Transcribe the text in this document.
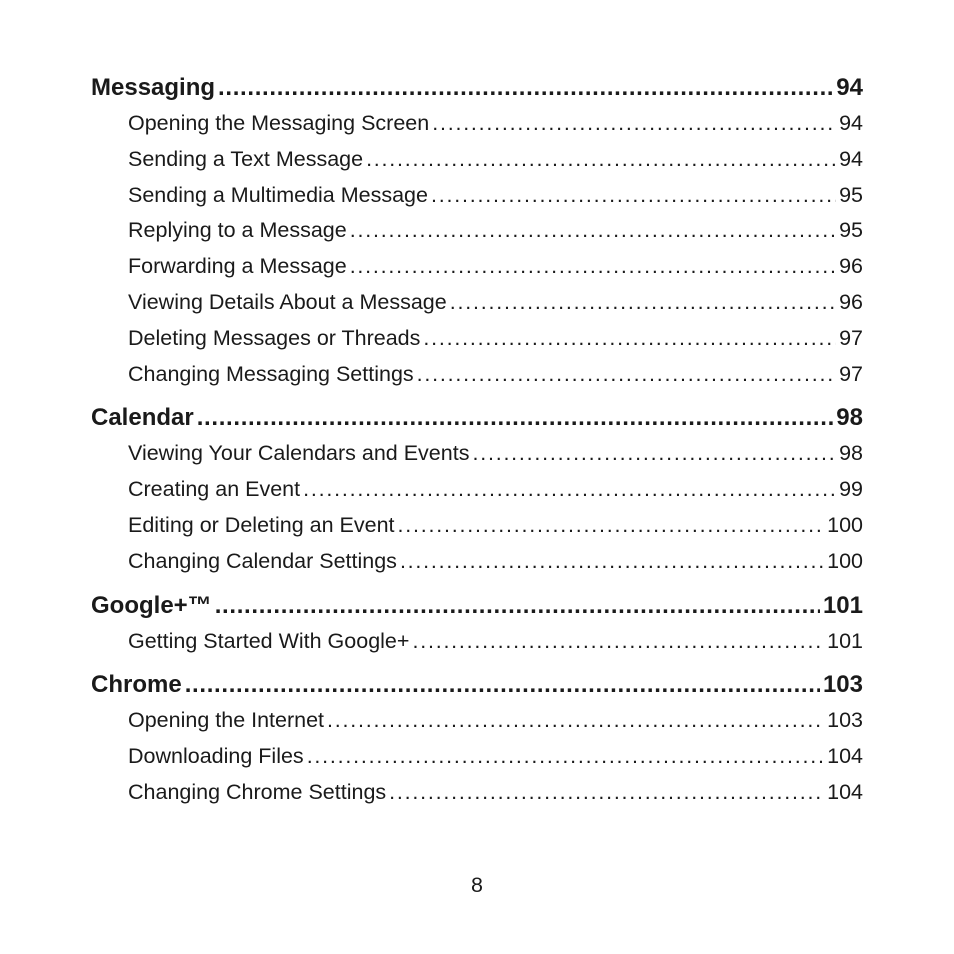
Messaging . . .	94
Opening the Messaging Screen . . .	94
Sending a Text Message . . .	94
Sending a Multimedia Message . . .	95
Replying to a Message . . .	95
Forwarding a Message . . .	96
Viewing Details About a Message . . .	96
Deleting Messages or Threads . . .	97
Changing Messaging Settings . . .	97
Calendar . . .	98
Viewing Your Calendars and Events . . .	98
Creating an Event . . .	99
Editing or Deleting an Event . . .	100
Changing Calendar Settings . . .	100
Google+™ . . .	101
Getting Started With Google+ . . .	101
Chrome . . .	103
Opening the Internet . . .	103
Downloading Files . . .	104
Changing Chrome Settings . . .	104
8
